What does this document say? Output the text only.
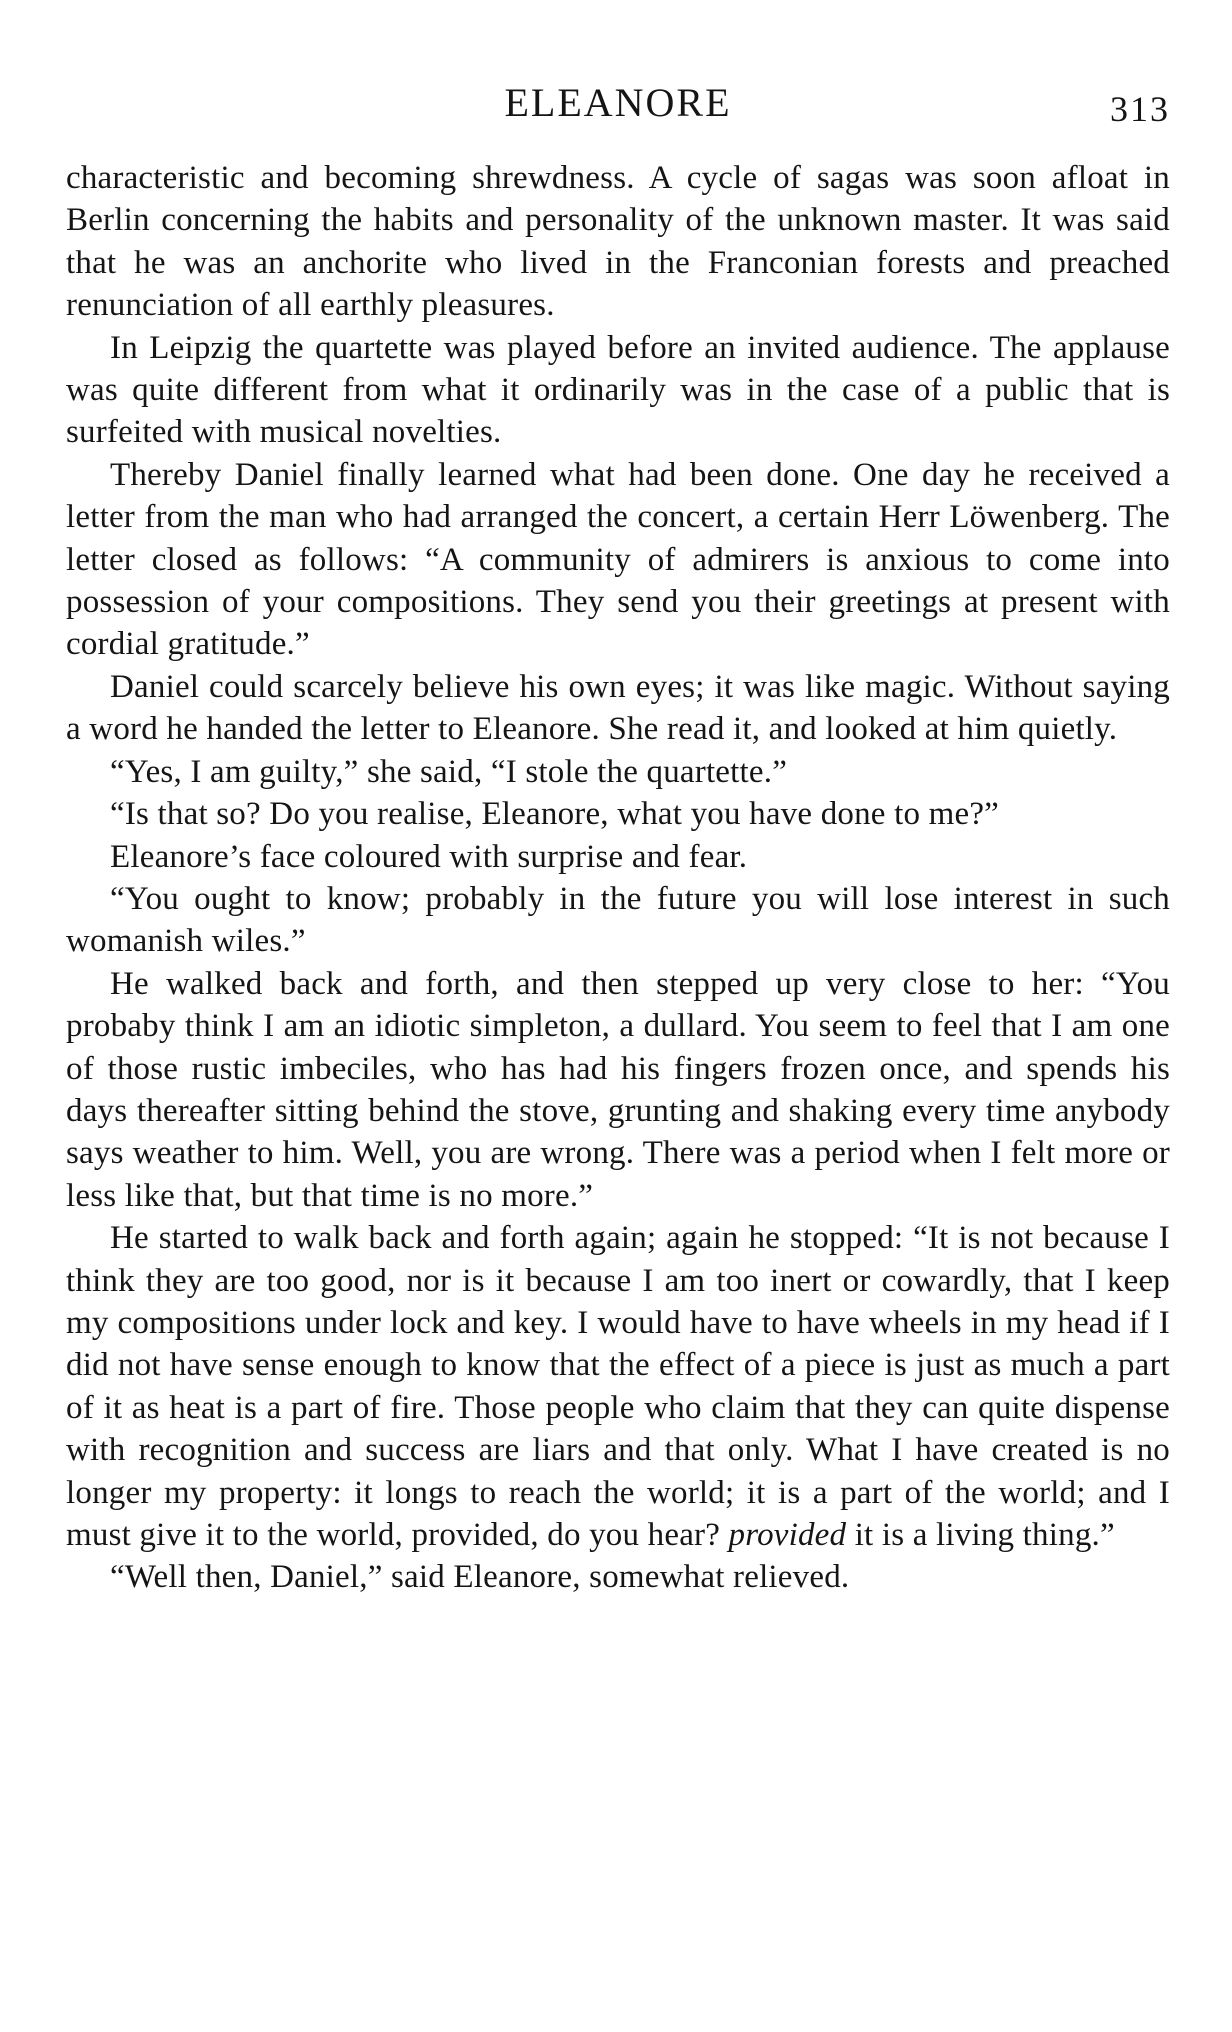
ELEANORE	313

characteristic and becoming shrewdness. A cycle of sagas was soon afloat in Berlin concerning the habits and personality of the unknown master. It was said that he was an anchorite who lived in the Franconian forests and preached renunciation of all earthly pleasures.

In Leipzig the quartette was played before an invited audience. The applause was quite different from what it ordinarily was in the case of a public that is surfeited with musical novelties.

Thereby Daniel finally learned what had been done. One day he received a letter from the man who had arranged the concert, a certain Herr Löwenberg. The letter closed as follows: “A community of admirers is anxious to come into possession of your compositions. They send you their greetings at present with cordial gratitude.”

Daniel could scarcely believe his own eyes; it was like magic. Without saying a word he handed the letter to Eleanore. She read it, and looked at him quietly.

“Yes, I am guilty,” she said, “I stole the quartette.”

“Is that so? Do you realise, Eleanore, what you have done to me?”

Eleanore’s face coloured with surprise and fear.

“You ought to know; probably in the future you will lose interest in such womanish wiles.”

He walked back and forth, and then stepped up very close to her: “You probaby think I am an idiotic simpleton, a dullard. You seem to feel that I am one of those rustic imbeciles, who has had his fingers frozen once, and spends his days thereafter sitting behind the stove, grunting and shaking every time anybody says weather to him. Well, you are wrong. There was a period when I felt more or less like that, but that time is no more.”

He started to walk back and forth again; again he stopped: “It is not because I think they are too good, nor is it because I am too inert or cowardly, that I keep my compositions under lock and key. I would have to have wheels in my head if I did not have sense enough to know that the effect of a piece is just as much a part of it as heat is a part of fire. Those people who claim that they can quite dispense with recognition and success are liars and that only. What I have created is no longer my property: it longs to reach the world; it is a part of the world; and I must give it to the world, provided, do you hear? provided it is a living thing.”

“Well then, Daniel,” said Eleanore, somewhat relieved.
